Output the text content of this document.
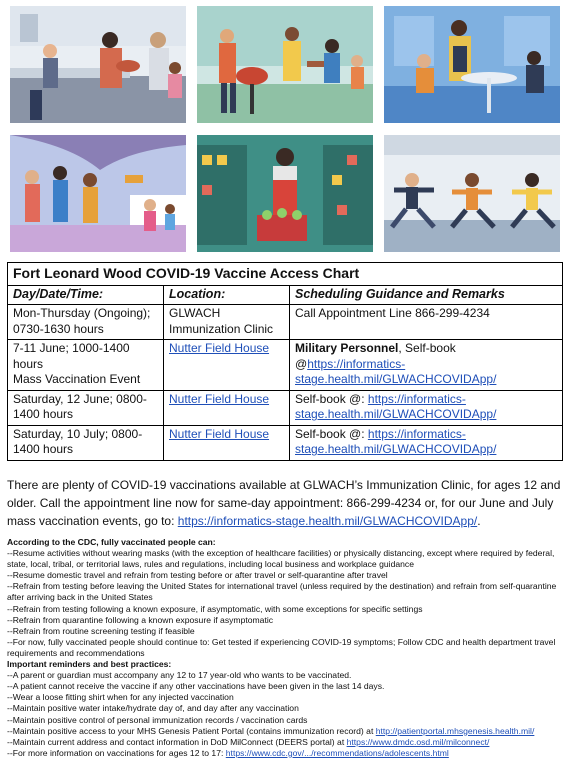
Fort Leonard Wood COVID-19 Vaccine Access Chart		
Day/Date/Time:	Location:	Scheduling Guidance and Remarks
Mon-Thursday (Ongoing); 0730-1630 hours	GLWACH Immunization Clinic	Call Appointment Line 866-299-4234
7-11 June; 1000-1400 hours
Mass Vaccination Event	Nutter Field House	Military Personnel, Self-book @https://informatics-stage.health.mil/GLWACHCOVIDApp/
Saturday, 12 June; 0800-1400 hours	Nutter Field House	Self-book @: https://informatics-stage.health.mil/GLWACHCOVIDApp/
Saturday, 10 July; 0800-1400 hours	Nutter Field House	Self-book @: https://informatics-stage.health.mil/GLWACHCOVIDApp/
There are plenty of COVID-19 vaccinations available at GLWACH’s Immunization Clinic, for ages 12 and older. Call the appointment line now for same-day appointment: 866-299-4234 or, for our June and July mass vaccination events, go to: https://informatics-stage.health.mil/GLWACHCOVIDApp/.
According to the CDC, fully vaccinated people can:
--Resume activities without wearing masks (with the exception of healthcare facilities) or physically distancing, except where required by federal, state, local, tribal, or territorial laws, rules and regulations, including local business and workplace guidance
--Resume domestic travel and refrain from testing before or after travel or self-quarantine after travel
--Refrain from testing before leaving the United States for international travel (unless required by the destination) and refrain from self-quarantine after arriving back in the United States
--Refrain from testing following a known exposure, if asymptomatic, with some exceptions for specific settings
--Refrain from quarantine following a known exposure if asymptomatic
--Refrain from routine screening testing if feasible
--For now, fully vaccinated people should continue to: Get tested if experiencing COVID-19 symptoms; Follow CDC and health department travel requirements and recommendations
Important reminders and best practices:
--A parent or guardian must accompany any 12 to 17 year-old who wants to be vaccinated.
--A patient cannot receive the vaccine if any other vaccinations have been given in the last 14 days.
--Wear a loose fitting shirt when for any injected vaccination
--Maintain positive water intake/hydrate day of, and day after any vaccination
--Maintain positive control of personal immunization records / vaccination cards
--Maintain positive access to your MHS Genesis Patient Portal (contains immunization record) at http://patientportal.mhsgenesis.health.mil/
--Maintain current address and contact information in DoD MilConnect (DEERS portal) at https://www.dmdc.osd.mil/milconnect/
--For more information on vaccinations for ages 12 to 17: https://www.cdc.gov/.../recommendations/adolescents.html
